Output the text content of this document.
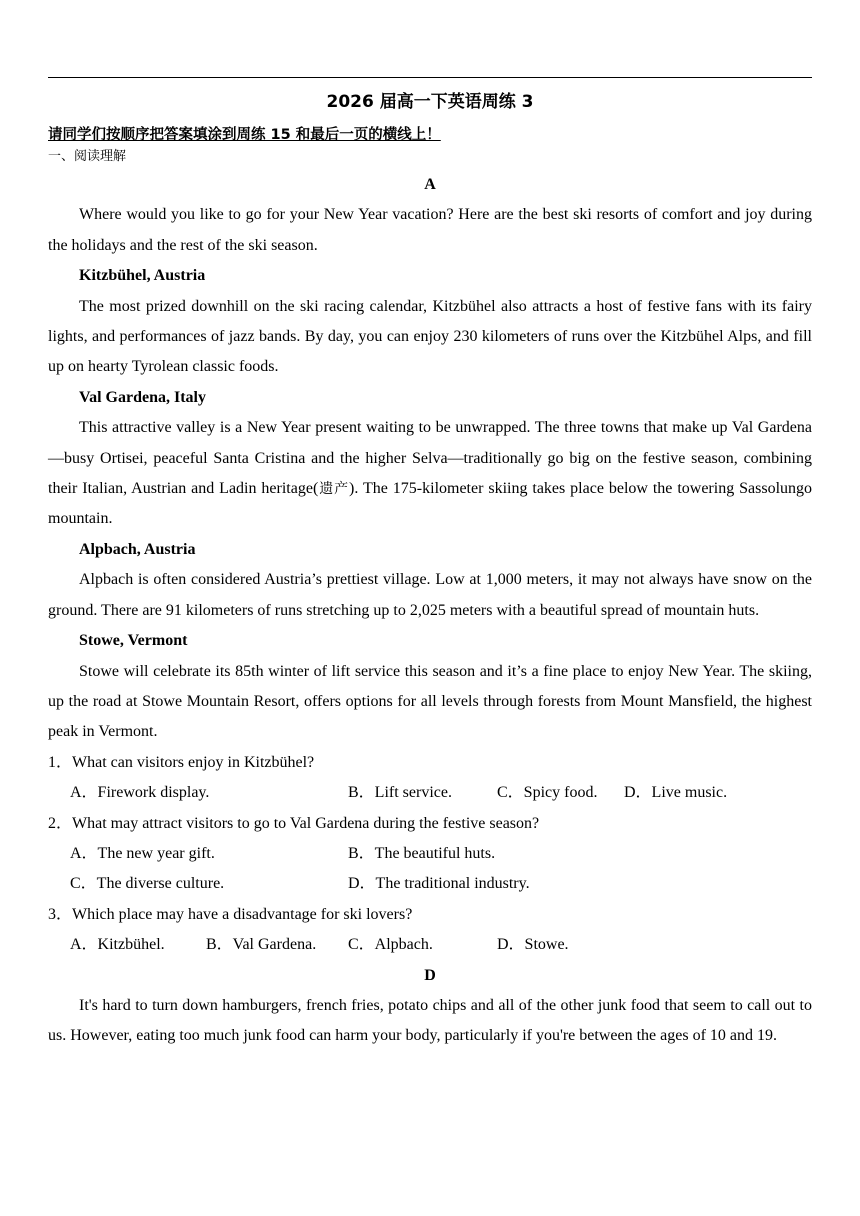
2026 届高一下英语周练 3
请同学们按顺序把答案填涂到周练 15 和最后一页的横线上！
一、阅读理解

A

Where would you like to go for your New Year vacation? Here are the best ski resorts of comfort and joy during the holidays and the rest of the ski season.

Kitzbühel, Austria

The most prized downhill on the ski racing calendar, Kitzbühel also attracts a host of festive fans with its fairy lights, and performances of jazz bands. By day, you can enjoy 230 kilometers of runs over the Kitzbühel Alps, and fill up on hearty Tyrolean classic foods.

Val Gardena, Italy

This attractive valley is a New Year present waiting to be unwrapped. The three towns that make up Val Gardena—busy Ortisei, peaceful Santa Cristina and the higher Selva—traditionally go big on the festive season, combining their Italian, Austrian and Ladin heritage(遗产). The 175-kilometer skiing takes place below the towering Sassolungo mountain.

Alpbach, Austria

Alpbach is often considered Austria’s prettiest village. Low at 1,000 meters, it may not always have snow on the ground. There are 91 kilometers of runs stretching up to 2,025 meters with a beautiful spread of mountain huts.

Stowe, Vermont

Stowe will celebrate its 85th winter of lift service this season and it’s a fine place to enjoy New Year. The skiing, up the road at Stowe Mountain Resort, offers options for all levels through forests from Mount Mansfield, the highest peak in Vermont.

1．What can visitors enjoy in Kitzbühel?

A．Firework display.	B．Lift service.	C．Spicy food. D．Live music.

2．What may attract visitors to go to Val Gardena during the festive season?

A．The new year gift.	B．The beautiful huts.
C．The diverse culture.	D．The traditional industry.

3．Which place may have a disadvantage for ski lovers?

A．Kitzbühel.	B．Val Gardena. C．Alpbach.	D．Stowe.

D

It's hard to turn down hamburgers, french fries, potato chips and all of the other junk food that seem to call out to us. However, eating too much junk food can harm your body, particularly if you're between the ages of 10 and 19.
